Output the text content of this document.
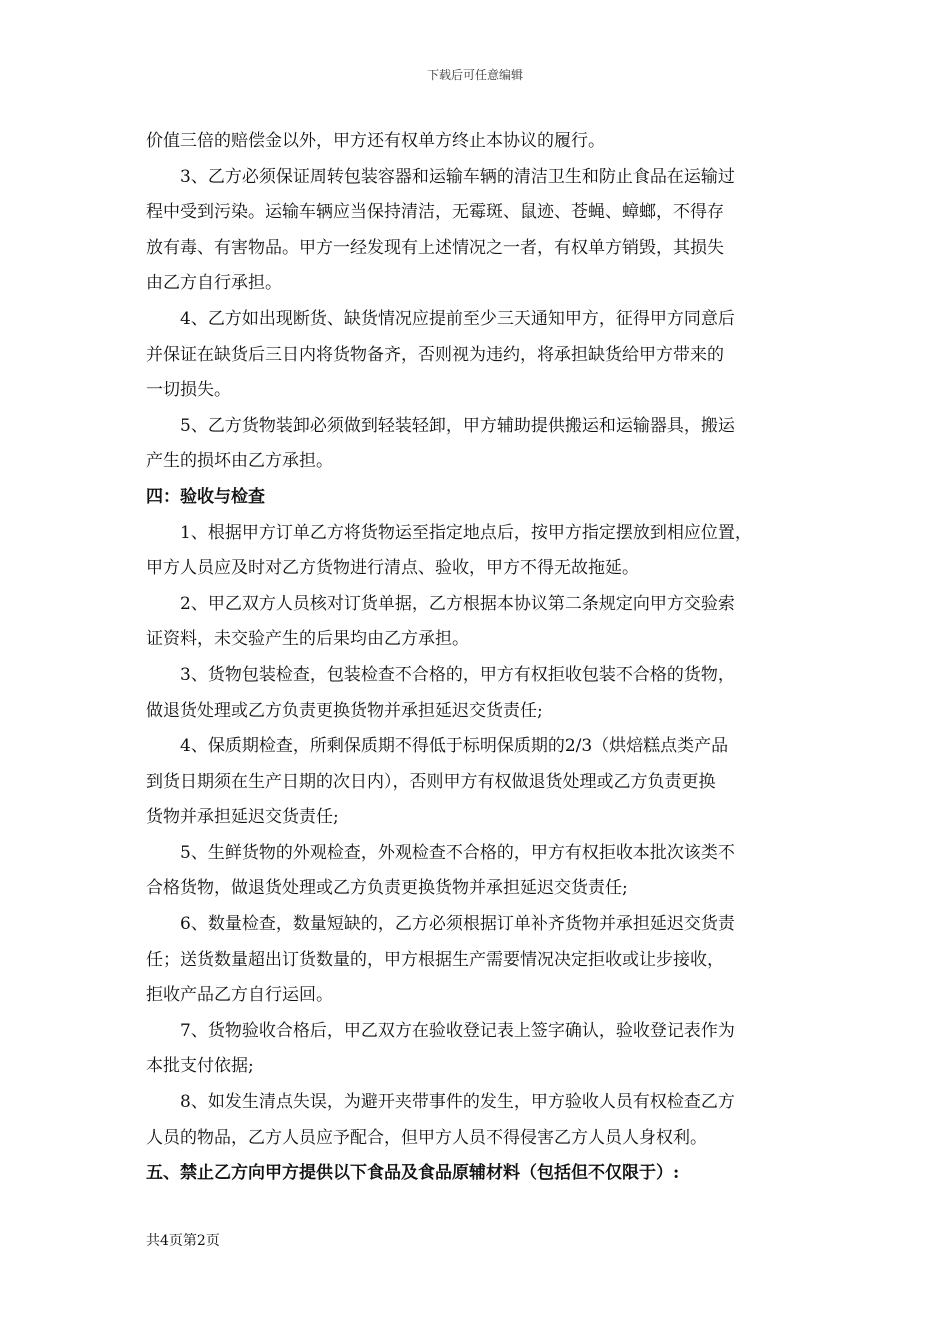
下载后可任意编辑
价值三倍的赔偿金以外，甲方还有权单方终止本协议的履行。
3、乙方必须保证周转包装容器和运输车辆的清洁卫生和防止食品在运输过
程中受到污染。运输车辆应当保持清洁，无霉斑、鼠迹、苍蝇、蟑螂，不得存
放有毒、有害物品。甲方一经发现有上述情况之一者，有权单方销毁，其损失
由乙方自行承担。
4、乙方如出现断货、缺货情况应提前至少三天通知甲方，征得甲方同意后
并保证在缺货后三日内将货物备齐，否则视为违约，将承担缺货给甲方带来的
一切损失。
5、乙方货物装卸必须做到轻装轻卸，甲方辅助提供搬运和运输器具，搬运
产生的损坏由乙方承担。
四：验收与检查
1、根据甲方订单乙方将货物运至指定地点后，按甲方指定摆放到相应位置，
甲方人员应及时对乙方货物进行清点、验收，甲方不得无故拖延。
2、甲乙双方人员核对订货单据，乙方根据本协议第二条规定向甲方交验索
证资料，未交验产生的后果均由乙方承担。
3、货物包装检查，包装检查不合格的，甲方有权拒收包装不合格的货物，
做退货处理或乙方负责更换货物并承担延迟交货责任;
4、保质期检查，所剩保质期不得低于标明保质期的2/3（烘焙糕点类产品
到货日期须在生产日期的次日内），否则甲方有权做退货处理或乙方负责更换
货物并承担延迟交货责任;
5、生鲜货物的外观检查，外观检查不合格的，甲方有权拒收本批次该类不
合格货物，做退货处理或乙方负责更换货物并承担延迟交货责任;
6、数量检查，数量短缺的，乙方必须根据订单补齐货物并承担延迟交货责
任；送货数量超出订货数量的，甲方根据生产需要情况决定拒收或让步接收，
拒收产品乙方自行运回。
7、货物验收合格后，甲乙双方在验收登记表上签字确认，验收登记表作为
本批支付依据;
8、如发生清点失误，为避开夹带事件的发生，甲方验收人员有权检查乙方
人员的物品，乙方人员应予配合，但甲方人员不得侵害乙方人员人身权利。
五、禁止乙方向甲方提供以下食品及食品原辅材料（包括但不仅限于）:
共4页第2页
